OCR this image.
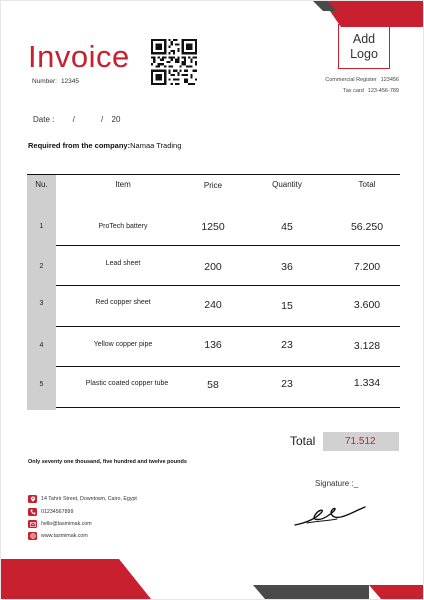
Invoice
Number: 12345
Add
Logo
Commercial Register 123456
Tax card 123-456-789
Date : /	/ 20
Required from the company:Namaa Trading
Nu.	Item	Price	Quantity	Total
1	ProTech battery	1250	45	56.250
2	Lead sheet	200	36	7.200
3	Red copper sheet	240	15	3.600
4	Yellow copper pipe	136	23	3.128
5	Plastic coated copper tube	58	23	1.334
Total	71.512
Only seventy one thousand, five hundred and twelve pounds
Signature :_
14 Tahrir Street, Downtown, Cairo, Egypt
01234567899
hello@tasmimak.com
www.tasmimak.com
